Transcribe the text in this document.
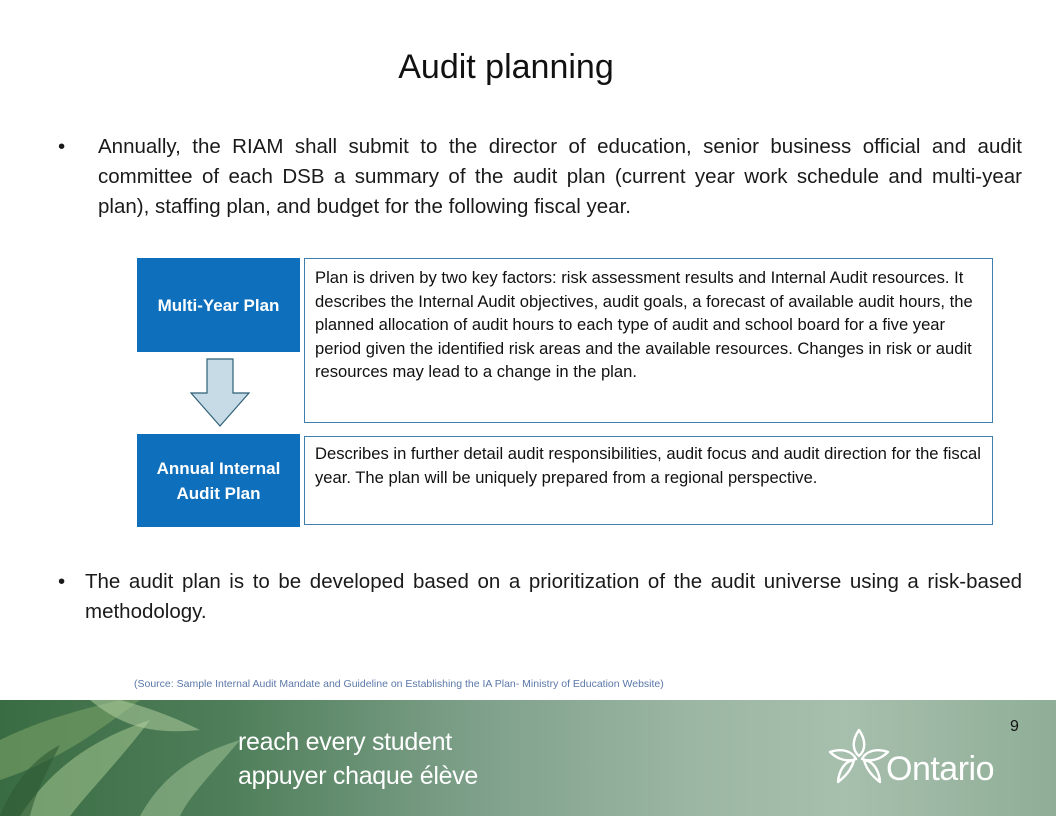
Audit planning
• Annually, the RIAM shall submit to the director of education, senior business official and audit committee of each DSB a summary of the audit plan (current year work schedule and multi-year plan), staffing plan, and budget for the following fiscal year.
Multi-Year Plan
Plan is driven by two key factors: risk assessment results and Internal Audit resources. It describes the Internal Audit objectives, audit goals, a forecast of available audit hours, the planned allocation of audit hours to each type of audit and school board for a five year period given the identified risk areas and the available resources. Changes in risk or audit resources may lead to a change in the plan.
Annual Internal
Audit Plan
Describes in further detail audit responsibilities, audit focus and audit direction for the fiscal year. The plan will be uniquely prepared from a regional perspective.
• The audit plan is to be developed based on a prioritization of the audit universe using a risk-based methodology.
(Source: Sample Internal Audit Mandate and Guideline on Establishing the IA Plan- Ministry of Education Website)
reach every student
appuyer chaque élève
9
Ontario
